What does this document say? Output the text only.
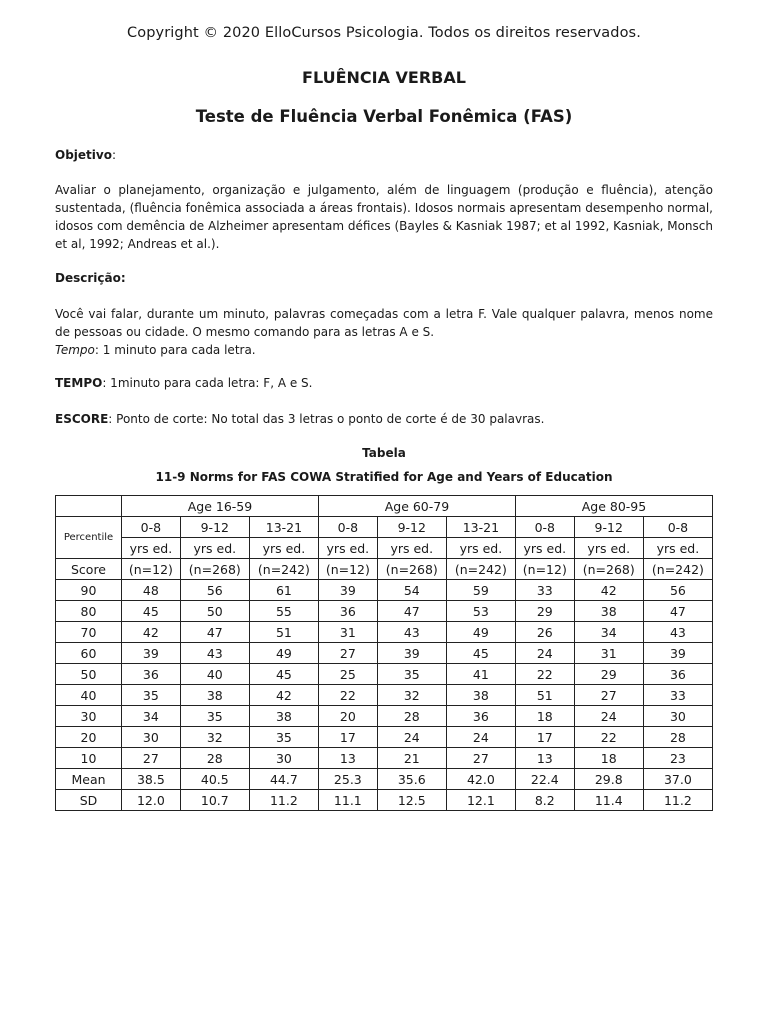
Copyright © 2020 ElloCursos Psicologia. Todos os direitos reservados.
FLUÊNCIA VERBAL
Teste de Fluência Verbal Fonêmica (FAS)
Objetivo:
Avaliar o planejamento, organização e julgamento, além de linguagem (produção e fluência), atenção sustentada, (fluência fonêmica associada a áreas frontais). Idosos normais apresentam desempenho normal, idosos com demência de Alzheimer apresentam défices (Bayles & Kasniak 1987; et al 1992, Kasniak, Monsch et al, 1992; Andreas et al.).
Descrição:
Você vai falar, durante um minuto, palavras começadas com a letra F. Vale qualquer palavra, menos nome de pessoas ou cidade. O mesmo comando para as letras A e S.
Tempo: 1 minuto para cada letra.
TEMPO: 1minuto para cada letra: F, A e S.
ESCORE: Ponto de corte: No total das 3 letras o ponto de corte é de 30 palavras.
Tabela
11-9 Norms for FAS COWA Stratified for Age and Years of Education
	Age 16-59			Age 60-79			Age 80-95		
Percentile	0-8	9-12	13-21	0-8	9-12	13-21	0-8	9-12	0-8
	yrs ed.	yrs ed.	yrs ed.	yrs ed.	yrs ed.	yrs ed.	yrs ed.	yrs ed.	yrs ed.
Score	(n=12)	(n=268)	(n=242)	(n=12)	(n=268)	(n=242)	(n=12)	(n=268)	(n=242)
90	48	56	61	39	54	59	33	42	56
80	45	50	55	36	47	53	29	38	47
70	42	47	51	31	43	49	26	34	43
60	39	43	49	27	39	45	24	31	39
50	36	40	45	25	35	41	22	29	36
40	35	38	42	22	32	38	51	27	33
30	34	35	38	20	28	36	18	24	30
20	30	32	35	17	24	24	17	22	28
10	27	28	30	13	21	27	13	18	23
Mean	38.5	40.5	44.7	25.3	35.6	42.0	22.4	29.8	37.0
SD	12.0	10.7	11.2	11.1	12.5	12.1	8.2	11.4	11.2
